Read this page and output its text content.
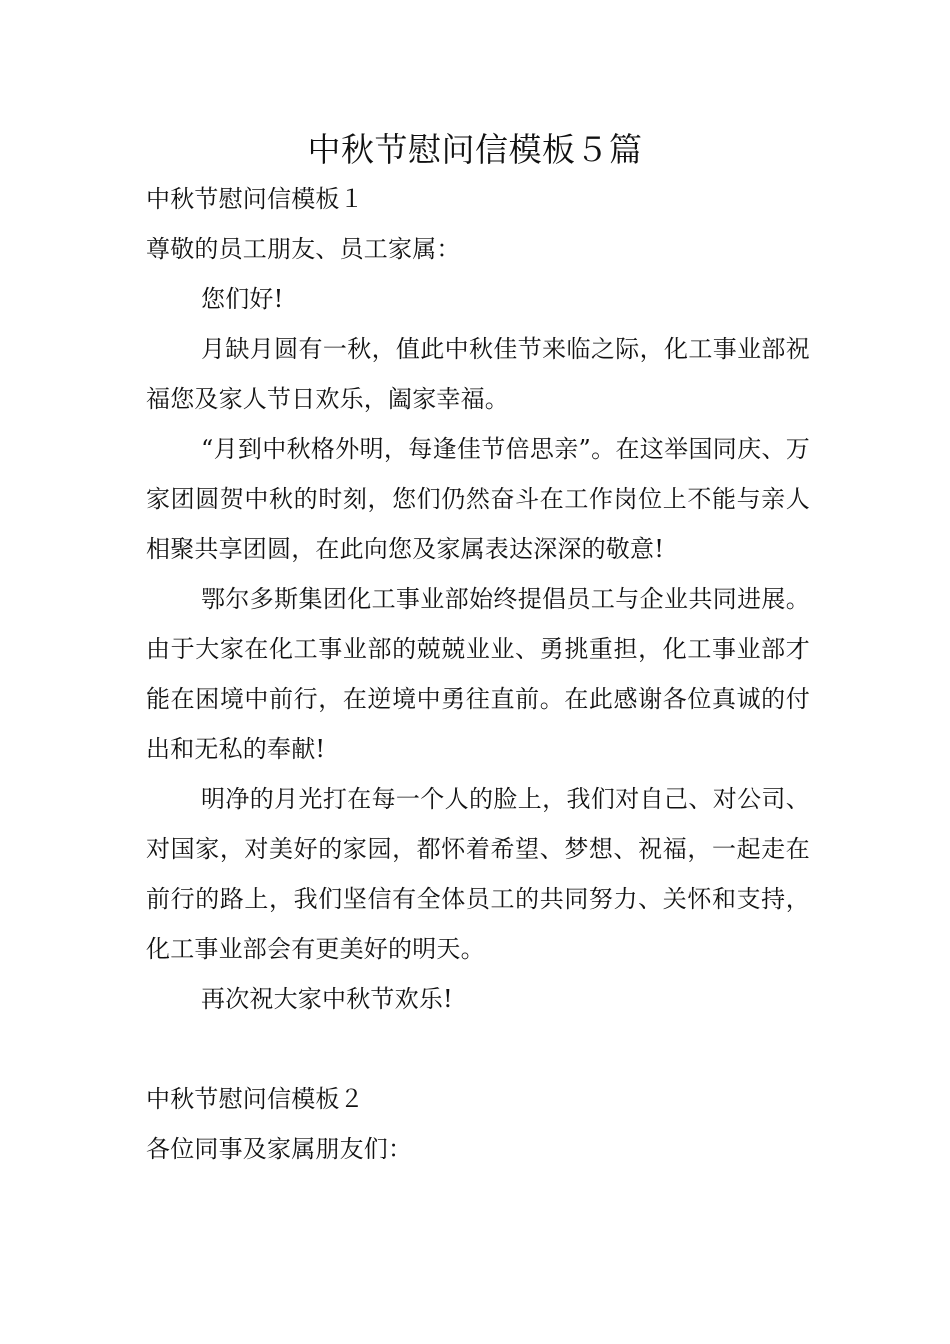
中秋节慰问信模板５篇

中秋节慰问信模板１

尊敬的员工朋友、员工家属：

您们好!

月缺月圆有一秋，值此中秋佳节来临之际，化工事业部祝福您及家人节日欢乐，阖家幸福。

“月到中秋格外明，每逢佳节倍思亲”。在这举国同庆、万家团圆贺中秋的时刻，您们仍然奋斗在工作岗位上不能与亲人相聚共享团圆，在此向您及家属表达深深的敬意!

鄂尔多斯集团化工事业部始终提倡员工与企业共同进展。由于大家在化工事业部的兢兢业业、勇挑重担，化工事业部才能在困境中前行，在逆境中勇往直前。在此感谢各位真诚的付出和无私的奉献!

明净的月光打在每一个人的脸上，我们对自己、对公司、对国家，对美好的家园，都怀着希望、梦想、祝福，一起走在前行的路上，我们坚信有全体员工的共同努力、关怀和支持，化工事业部会有更美好的明天。

再次祝大家中秋节欢乐!

中秋节慰问信模板２

各位同事及家属朋友们：
